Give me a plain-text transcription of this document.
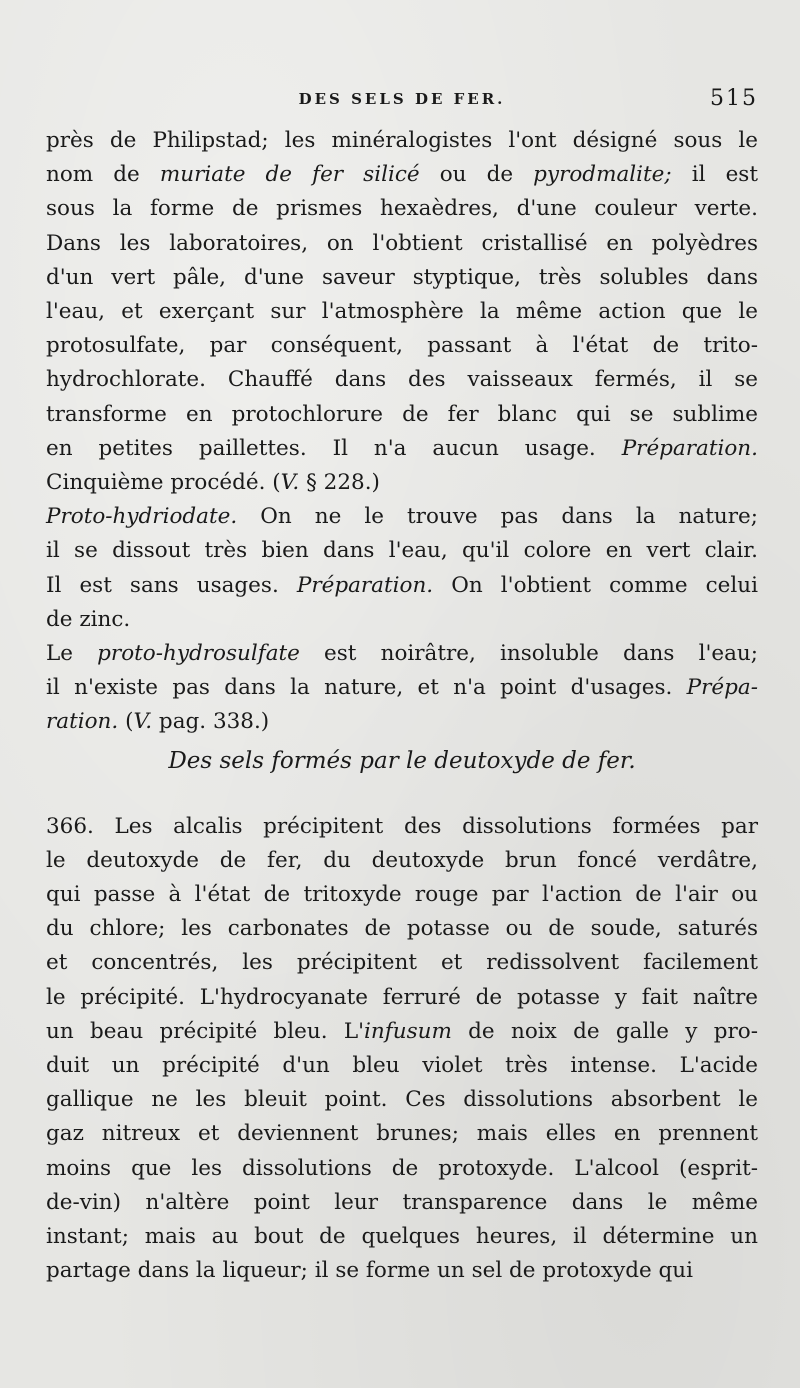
DES SELS DE FER.	515
près de Philipstad; les minéralogistes l'ont désigné sous le
nom de muriate de fer silicé ou de pyrodmalite; il est
sous la forme de prismes hexaèdres, d'une couleur verte.
Dans les laboratoires, on l'obtient cristallisé en polyèdres
d'un vert pâle, d'une saveur styptique, très solubles dans
l'eau, et exerçant sur l'atmosphère la même action que le
protosulfate, par conséquent, passant à l'état de trito-
hydrochlorate. Chauffé dans des vaisseaux fermés, il se
transforme en protochlorure de fer blanc qui se sublime
en petites paillettes. Il n'a aucun usage. Préparation.
Cinquième procédé. (V. § 228.)
Proto-hydriodate. On ne le trouve pas dans la nature;
il se dissout très bien dans l'eau, qu'il colore en vert clair.
Il est sans usages. Préparation. On l'obtient comme celui
de zinc.
Le proto-hydrosulfate est noirâtre, insoluble dans l'eau;
il n'existe pas dans la nature, et n'a point d'usages. Prépa-
ration. (V. pag. 338.)
Des sels formés par le deutoxyde de fer.
366. Les alcalis précipitent des dissolutions formées par
le deutoxyde de fer, du deutoxyde brun foncé verdâtre,
qui passe à l'état de tritoxyde rouge par l'action de l'air ou
du chlore; les carbonates de potasse ou de soude, saturés
et concentrés, les précipitent et redissolvent facilement
le précipité. L'hydrocyanate ferruré de potasse y fait naître
un beau précipité bleu. L'infusum de noix de galle y pro-
duit un précipité d'un bleu violet très intense. L'acide
gallique ne les bleuit point. Ces dissolutions absorbent le
gaz nitreux et deviennent brunes; mais elles en prennent
moins que les dissolutions de protoxyde. L'alcool (esprit-
de-vin) n'altère point leur transparence dans le même
instant; mais au bout de quelques heures, il détermine un
partage dans la liqueur; il se forme un sel de protoxyde qui
